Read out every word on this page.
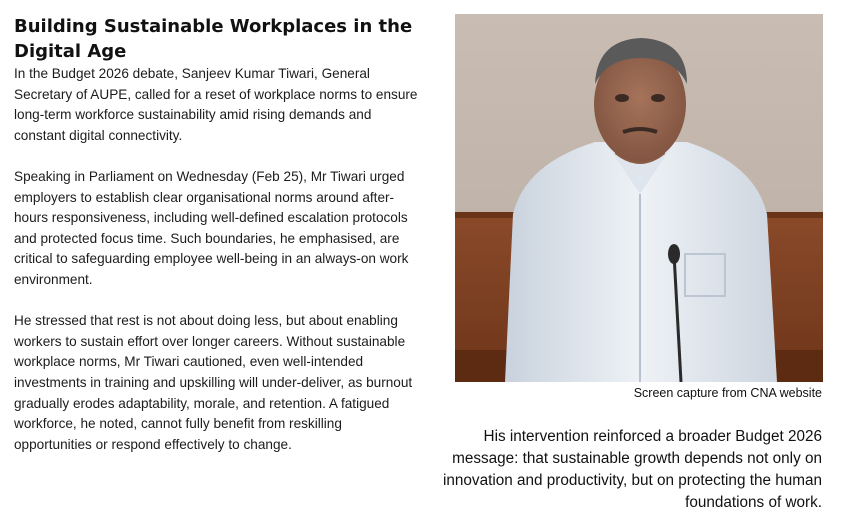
Building Sustainable Workplaces in the Digital Age

In the Budget 2026 debate, Sanjeev Kumar Tiwari, General Secretary of AUPE, called for a reset of workplace norms to ensure long-term workforce sustainability amid rising demands and constant digital connectivity.

Speaking in Parliament on Wednesday (Feb 25), Mr Tiwari urged employers to establish clear organisational norms around after-hours responsiveness, including well-defined escalation protocols and protected focus time. Such boundaries, he emphasised, are critical to safeguarding employee well-being in an always-on work environment.

He stressed that rest is not about doing less, but about enabling workers to sustain effort over longer careers. Without sustainable workplace norms, Mr Tiwari cautioned, even well-intended investments in training and upskilling will under-deliver, as burnout gradually erodes adaptability, morale, and retention. A fatigued workforce, he noted, cannot fully benefit from reskilling opportunities or respond effectively to change.

Screen capture from CNA website
His intervention reinforced a broader Budget 2026 message: that sustainable growth depends not only on innovation and productivity, but on protecting the human foundations of work.
